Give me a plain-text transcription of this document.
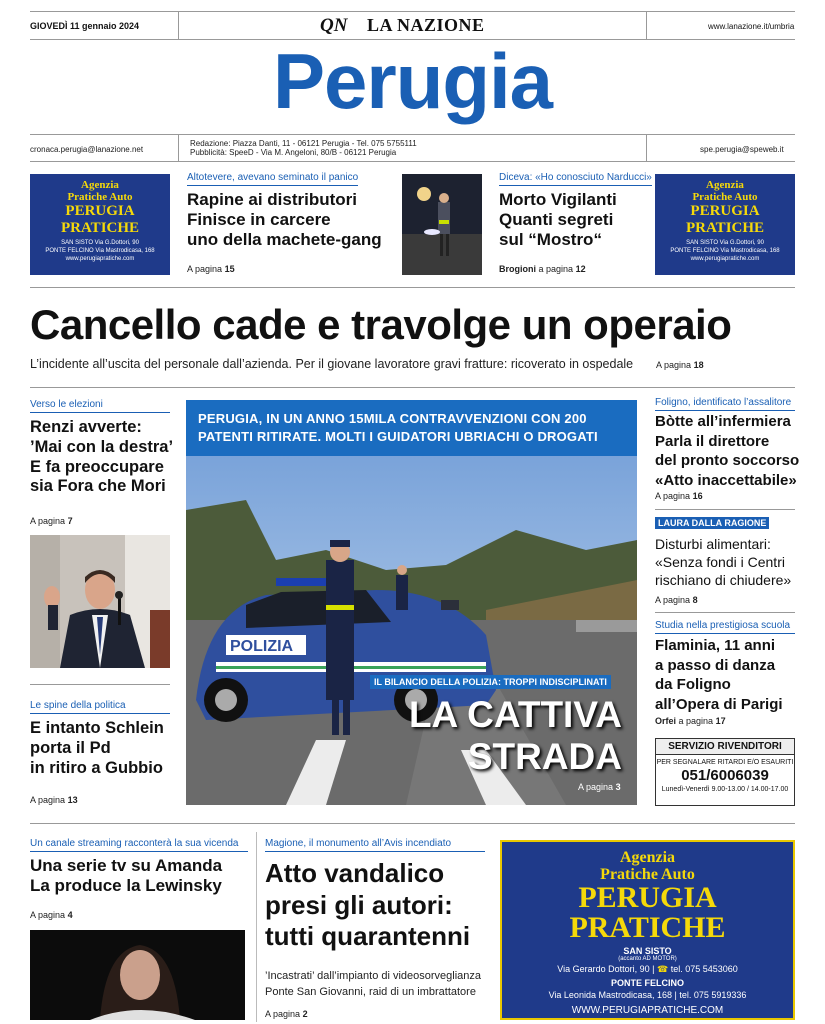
GIOVEDÌ 11 gennaio 2024	QN LA NAZIONE	www.lanazione.it/umbria
Perugia
cronaca.perugia@lanazione.net
Redazione: Piazza Danti, 11 - 06121 Perugia - Tel. 075 5755111
Pubblicità: SpeeD - Via M. Angeloni, 80/B - 06121 Perugia	spe.perugia@speweb.it
Agenzia
Pratiche Auto
PERUGIA
PRATICHE
SAN SISTO Via G.Dottori, 90
PONTE FELCINO Via Mastrodicasa, 168
www.perugiapratiche.com
Altotevere, avevano seminato il panico
Rapine ai distributori
Finisce in carcere
uno della machete-gang
A pagina 15
Diceva: «Ho conosciuto Narducci»
Morto Vigilanti
Quanti segreti
sul “Mostro“
Brogioni a pagina 12
Agenzia
Pratiche Auto
PERUGIA
PRATICHE
SAN SISTO Via G.Dottori, 90
PONTE FELCINO Via Mastrodicasa, 168
www.perugiapratiche.com
Cancello cade e travolge un operaio
L’incidente all’uscita del personale dall’azienda. Per il giovane lavoratore gravi fratture: ricoverato in ospedale	A pagina 18
Verso le elezioni
Renzi avverte:
’Mai con la destra’
E fa preoccupare
sia Fora che Mori
A pagina 7
Le spine della politica
E intanto Schlein
porta il Pd
in ritiro a Gubbio
A pagina 13
POLIZIA
PERUGIA, IN UN ANNO 15MILA CONTRAVVENZIONI CON 200
PATENTI RITIRATE. MOLTI I GUIDATORI UBRIACHI O DROGATI
IL BILANCIO DELLA POLIZIA: TROPPI INDISCIPLINATI
LA CATTIVA
STRADA
A pagina 3
Foligno, identificato l’assalitore
Bòtte all’infermiera
Parla il direttore
del pronto soccorso
«Atto inaccettabile»
A pagina 16
LAURA DALLA RAGIONE
Disturbi alimentari:
«Senza fondi i Centri
rischiano di chiudere»
A pagina 8
Studia nella prestigiosa scuola
Flaminia, 11 anni
a passo di danza
da Foligno
all’Opera di Parigi
Orfei a pagina 17
SERVIZIO RIVENDITORI
PER SEGNALARE RITARDI E/O ESAURITI
051/6006039
Lunedì-Venerdì 9.00-13.00 / 14.00-17.00
Un canale streaming racconterà la sua vicenda
Una serie tv su Amanda
La produce la Lewinsky
A pagina 4
Magione, il monumento all’Avis incendiato
Atto vandalico
presi gli autori:
tutti quarantenni
’Incastrati’ dall’impianto di videosorveglianza
Ponte San Giovanni, raid di un imbrattatore
A pagina 2
Agenzia
Pratiche Auto
PERUGIA
PRATICHE
SAN SISTO
(accanto AD MOTOR)
Via Gerardo Dottori, 90 | ☎ tel. 075 5453060
PONTE FELCINO
Via Leonida Mastrodicasa, 168 | tel. 075 5919336
WWW.PERUGIAPRATICHE.COM
